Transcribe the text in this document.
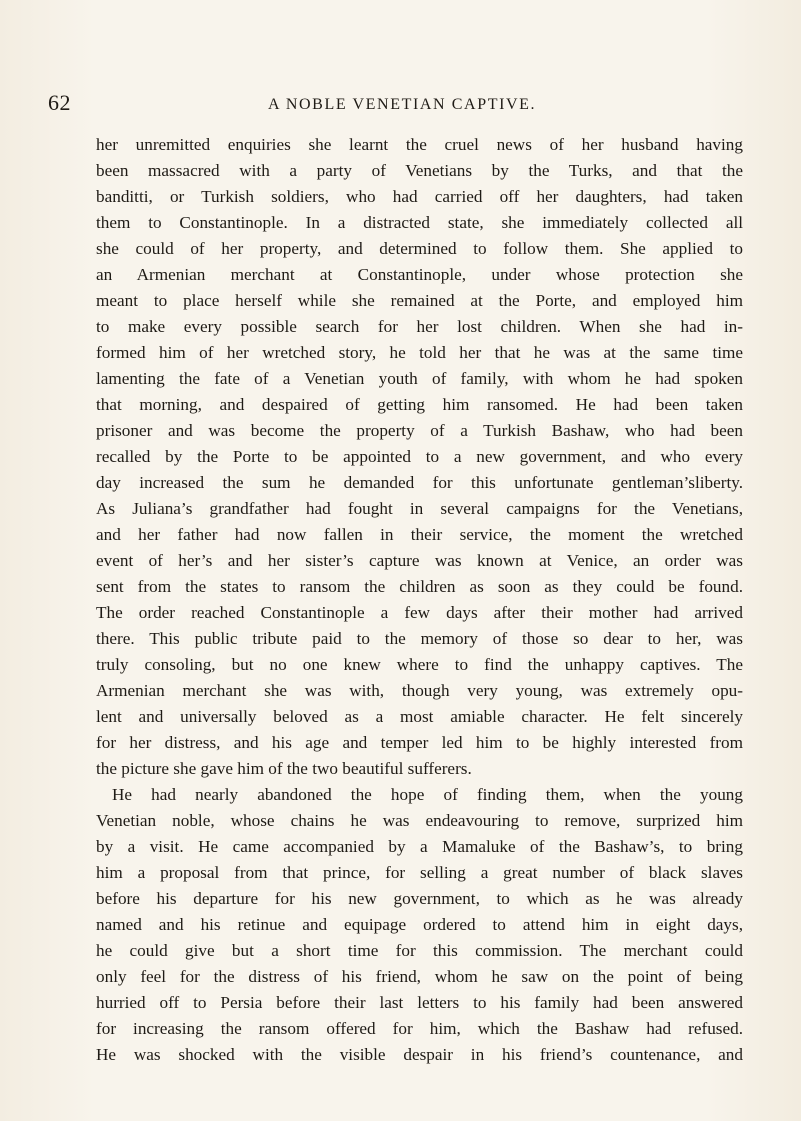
62	A NOBLE VENETIAN CAPTIVE.
her unremitted enquiries she learnt the cruel news of her husband having
been massacred with a party of Venetians by the Turks, and that the
banditti, or Turkish soldiers, who had carried off her daughters, had taken
them to Constantinople. In a distracted state, she immediately collected all
she could of her property, and determined to follow them. She applied to
an Armenian merchant at Constantinople, under whose protection she
meant to place herself while she remained at the Porte, and employed him
to make every possible search for her lost children. When she had in-
formed him of her wretched story, he told her that he was at the same time
lamenting the fate of a Venetian youth of family, with whom he had spoken
that morning, and despaired of getting him ransomed. He had been taken
prisoner and was become the property of a Turkish Bashaw, who had been
recalled by the Porte to be appointed to a new government, and who every
day increased the sum he demanded for this unfortunate gentleman’sliberty.
As Juliana’s grandfather had fought in several campaigns for the Venetians,
and her father had now fallen in their service, the moment the wretched
event of her’s and her sister’s capture was known at Venice, an order was
sent from the states to ransom the children as soon as they could be found.
The order reached Constantinople a few days after their mother had arrived
there. This public tribute paid to the memory of those so dear to her, was
truly consoling, but no one knew where to find the unhappy captives. The
Armenian merchant she was with, though very young, was extremely opu-
lent and universally beloved as a most amiable character. He felt sincerely
for her distress, and his age and temper led him to be highly interested from
the picture she gave him of the two beautiful sufferers.
He had nearly abandoned the hope of finding them, when the young
Venetian noble, whose chains he was endeavouring to remove, surprized him
by a visit. He came accompanied by a Mamaluke of the Bashaw’s, to bring
him a proposal from that prince, for selling a great number of black slaves
before his departure for his new government, to which as he was already
named and his retinue and equipage ordered to attend him in eight days,
he could give but a short time for this commission. The merchant could
only feel for the distress of his friend, whom he saw on the point of being
hurried off to Persia before their last letters to his family had been answered
for increasing the ransom offered for him, which the Bashaw had refused.
He was shocked with the visible despair in his friend’s countenance, and
